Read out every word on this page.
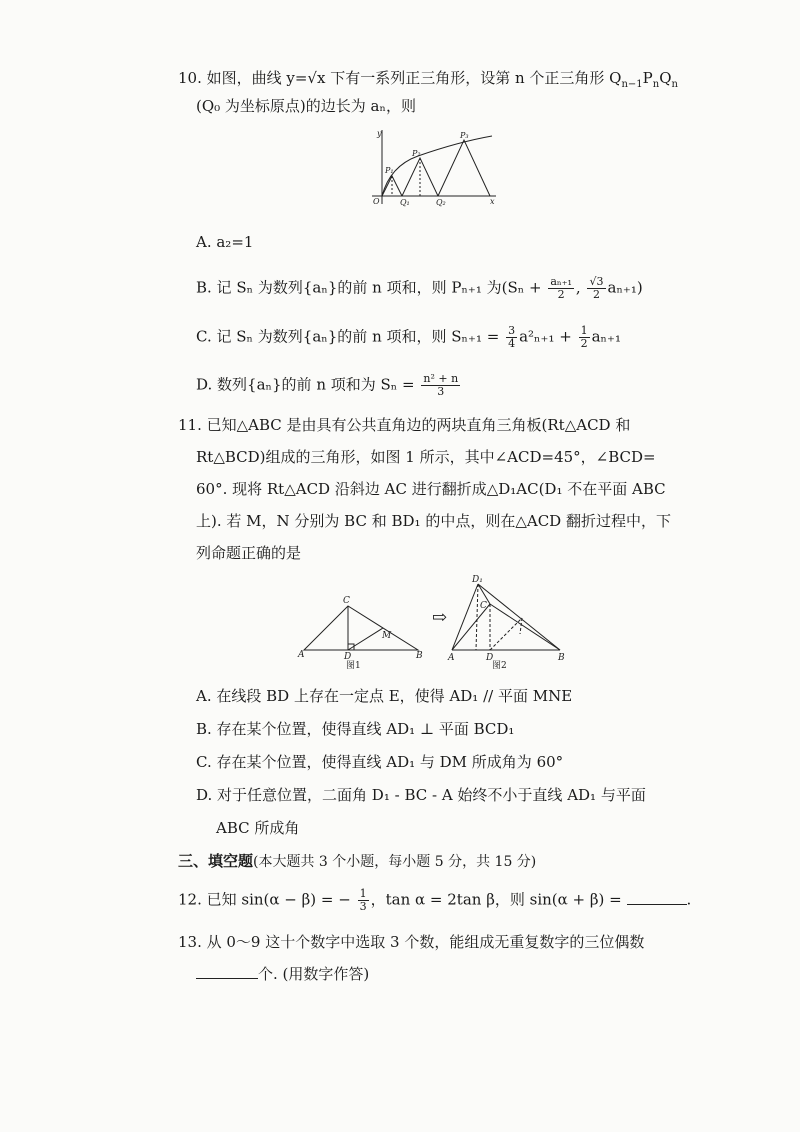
10. 如图，曲线 y=√x 下有一系列正三角形，设第 n 个正三角形 $Q_{n-1}P_nQ_n$
(Q₀ 为坐标原点)的边长为 aₙ，则
y
P₁
P₂
P₃
O	Q₁	Q₂	x
A. a₂=1
B. 记 Sₙ 为数列{aₙ}的前 n 项和，则 Pₙ₊₁ 为($S_n + \frac{\text{aₙ₊₁}}{2}$ , $\frac{√3}{2} a_{n+1}$)
C. 记 Sₙ 为数列{aₙ}的前 n 项和，则 $S_{n+1} = \frac{3}{4} a^2_{n+1} + \frac{1}{2} a_{n+1}$
D. 数列{aₙ}的前 n 项和为 $S_n = \frac{\text{n² + n}}{3}$
11. 已知△ABC 是由具有公共直角边的两块直角三角板(Rt△ACD 和
Rt△BCD)组成的三角形，如图 1 所示，其中∠ACD=45°，∠BCD=
60°. 现将 Rt△ACD 沿斜边 AC 进行翻折成△D₁AC(D₁ 不在平面 ABC
上). 若 M，N 分别为 BC 和 BD₁ 的中点，则在△ACD 翻折过程中，下
列命题正确的是
C
M
A	D	B
图1
⇨
D₁
C
A	D	B
图2
A. 在线段 BD 上存在一定点 E，使得 AD₁ // 平面 MNE
B. 存在某个位置，使得直线 AD₁ ⊥ 平面 BCD₁
C. 存在某个位置，使得直线 AD₁ 与 DM 所成角为 60°
D. 对于任意位置，二面角 D₁ - BC - A 始终不小于直线 AD₁ 与平面
ABC 所成角
三、填空题(本大题共 3 个小题，每小题 5 分，共 15 分)
12. 已知 sin(α − β) = − $\frac{1}{3}$ ，tan α = 2tan β，则 sin(α + β) =	.
13. 从 0～9 这十个数字中选取 3 个数，能组成无重复数字的三位偶数
个. (用数字作答)
